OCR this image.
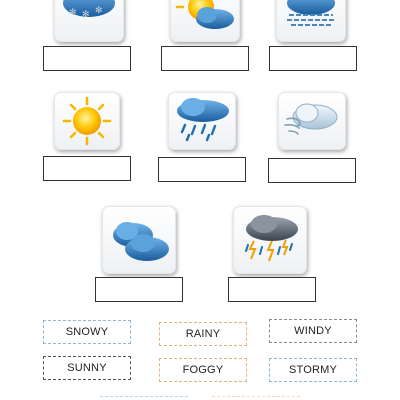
✻ ✻ ✻
SNOWY	RAINY	WINDY
SUNNY	FOGGY	STORMY
